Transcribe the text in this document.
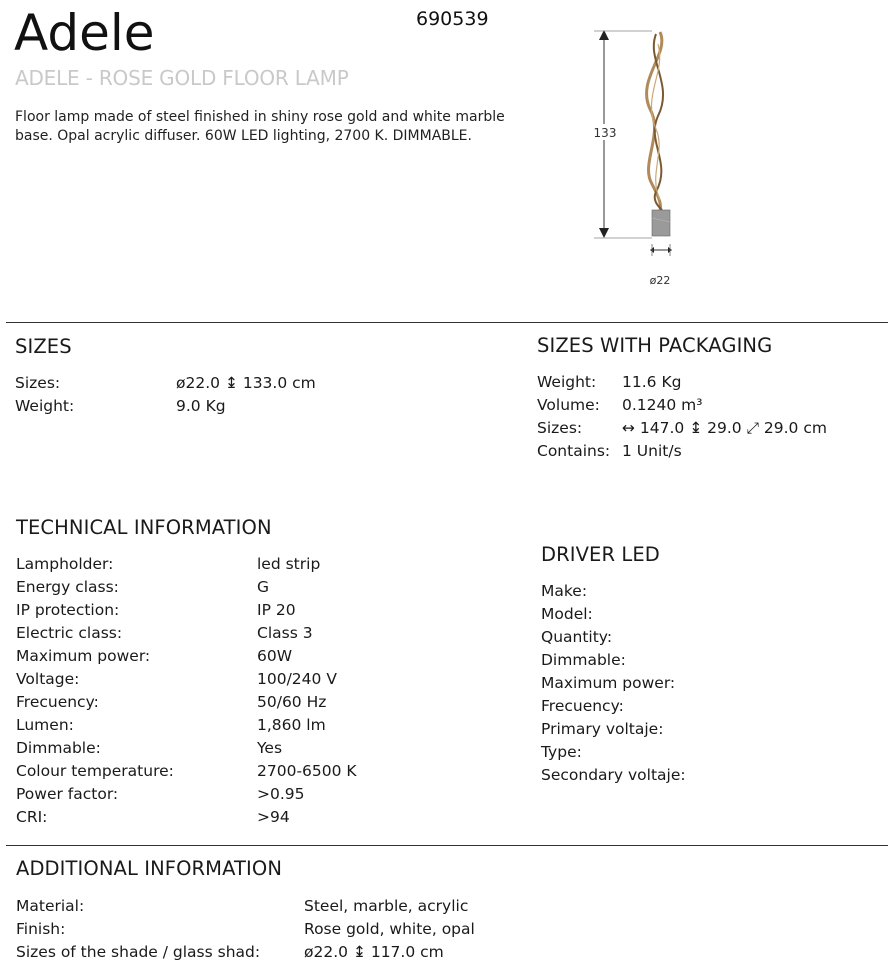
Adele	690539
ADELE - ROSE GOLD FLOOR LAMP
Floor lamp made of steel finished in shiny rose gold and white marble base. Opal acrylic diffuser. 60W LED lighting, 2700 K. DIMMABLE.	133
ø22
SIZES
Sizes:	ø22.0 ↨ 133.0 cm
Weight:	9.0 Kg
SIZES WITH PACKAGING
Weight: 11.6 Kg
Volume: 0.1240 m³
Sizes:	↔ 147.0 ↨ 29.0 ⤢ 29.0 cm
Contains: 1 Unit/s
TECHNICAL INFORMATION
Lampholder:	led strip
Energy class:	G
IP protection:	IP 20
Electric class:	Class 3
Maximum power:	60W
Voltage:	100/240 V
Frecuency:	50/60 Hz
Lumen:	1,860 lm
Dimmable:	Yes
Colour temperature:	2700-6500 K
Power factor:	>0.95
CRI:	>94
DRIVER LED
Make:
Model:
Quantity:
Dimmable:
Maximum power:
Frecuency:
Primary voltaje:
Type:
Secondary voltaje:
ADDITIONAL INFORMATION
Material:	Steel, marble, acrylic
Finish:	Rose gold, white, opal
Sizes of the shade / glass shad:	ø22.0 ↨ 117.0 cm
